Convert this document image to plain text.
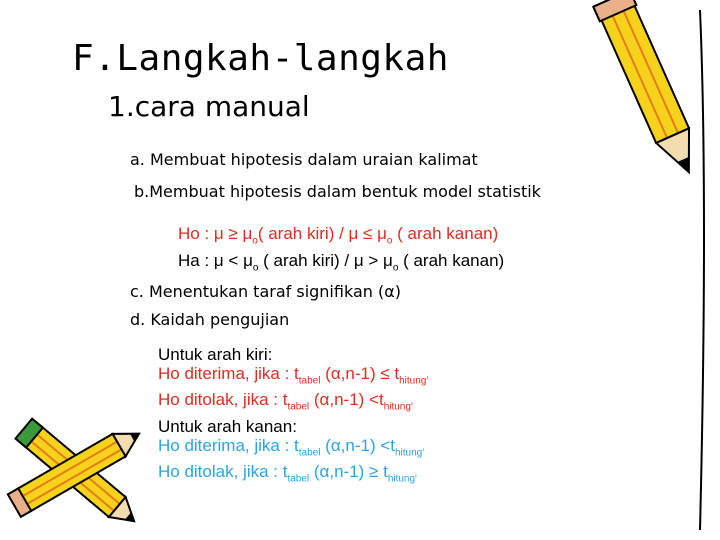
F.Langkah-langkah
1.cara manual
a. Membuat hipotesis dalam uraian kalimat
b.Membuat hipotesis dalam bentuk model statistik
Ho : $\mu \ge \mu_o$( arah kiri) / $\mu \le \mu_o$ ( arah kanan)
Ha : $\mu < \mu_o$ ( arah kiri) / $\mu > \mu_o$ ( arah kanan)
c. Menentukan taraf signifikan (α)
d. Kaidah pengujian
Untuk arah kiri:
Ho diterima, jika : $t_{tabel}$ $(\alpha,n-1) \le t_{hitung'}$
Ho ditolak, jika : $t_{tabel}$ $(\alpha,n-1) <t_{hitung'}$
Untuk arah kanan:
Ho diterima, jika : $t_{tabel}$ $(\alpha,n-1) <t_{hitung'}$
Ho ditolak, jika : $t_{tabel}$ $(\alpha,n-1) \ge t_{hitung'}$
